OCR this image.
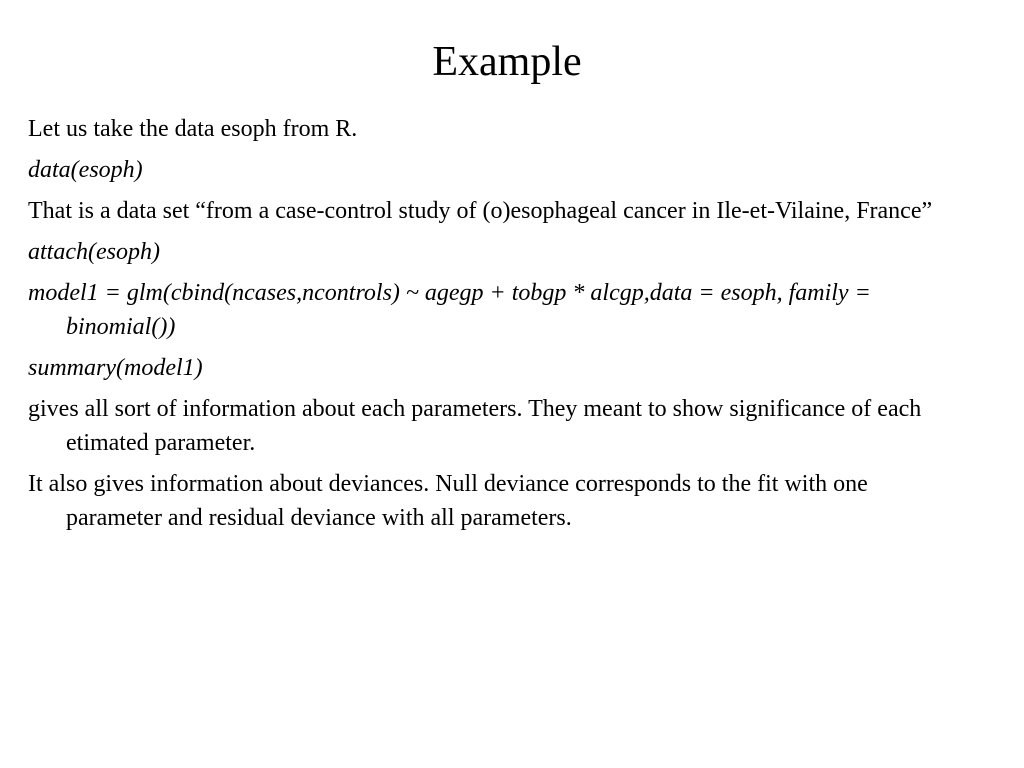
Example

Let us take the data esoph from R.

data(esoph)

That is a data set “from a case-control study of (o)esophageal cancer in Ile-et-Vilaine, France”

attach(esoph)

model1 = glm(cbind(ncases,ncontrols) ~ agegp + tobgp * alcgp,data = esoph, family = binomial())

summary(model1)

gives all sort of information about each parameters. They meant to show significance of each etimated parameter.

It also gives information about deviances. Null deviance corresponds to the fit with one parameter and residual deviance with all parameters.
